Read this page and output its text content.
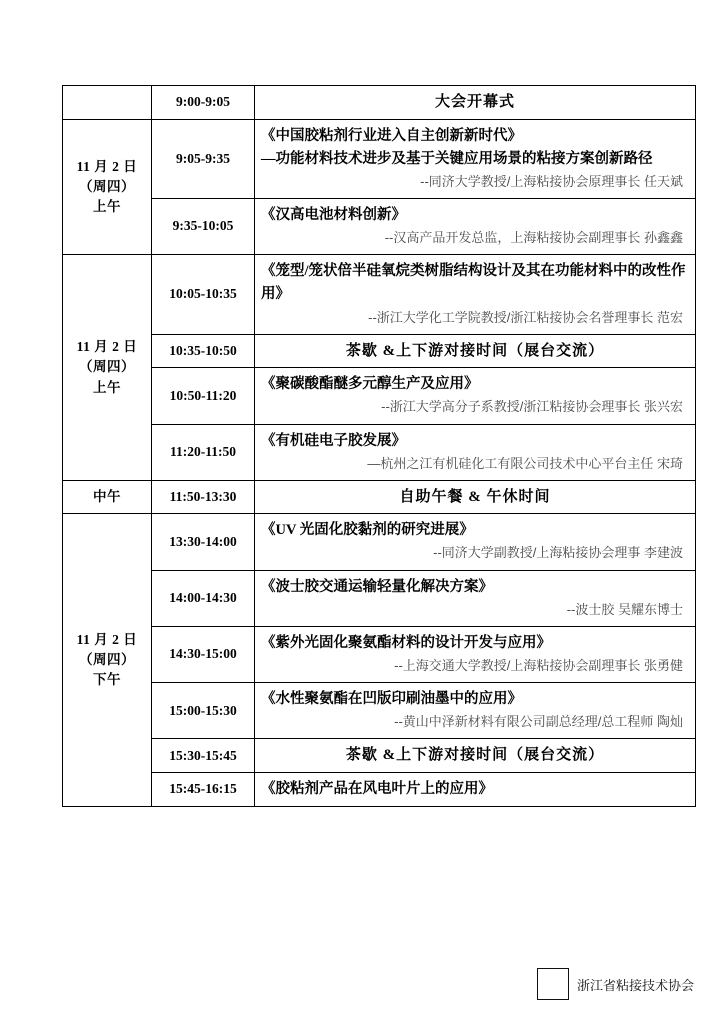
	9:00-9:05	大会开幕式

11 月 2 日
（周四）
上午	9:05-9:35	《中国胶粘剂行业进入自主创新新时代》
—功能材料技术进步及基于关键应用场景的粘接方案创新路径
--同济大学教授/上海粘接协会原理事长 任天斌

	9:35-10:05	《汉高电池材料创新》
--汉高产品开发总监，上海粘接协会副理事长 孙鑫鑫

11 月 2 日
（周四）
上午	10:05-10:35	《笼型/笼状倍半硅氧烷类树脂结构设计及其在功能材料中的改性作用》
--浙江大学化工学院教授/浙江粘接协会名誉理事长 范宏

	10:35-10:50	茶歇 &上下游对接时间（展台交流）

	10:50-11:20	《聚碳酸酯醚多元醇生产及应用》
--浙江大学高分子系教授/浙江粘接协会理事长 张兴宏

	11:20-11:50	《有机硅电子胶发展》
—杭州之江有机硅化工有限公司技术中心平台主任 宋琦

中午	11:50-13:30	自助午餐 & 午休时间

11 月 2 日
（周四）
下午	13:30-14:00	《UV 光固化胶黏剂的研究进展》
--同济大学副教授/上海粘接协会理事 李建波

	14:00-14:30	《波士胶交通运输轻量化解决方案》
--波士胶 吴耀东博士

	14:30-15:00	《紫外光固化聚氨酯材料的设计开发与应用》
--上海交通大学教授/上海粘接协会副理事长 张勇健

	15:00-15:30	《水性聚氨酯在凹版印刷油墨中的应用》
--黄山中泽新材料有限公司副总经理/总工程师 陶灿

	15:30-15:45	茶歇 &上下游对接时间（展台交流）

	15:45-16:15	《胶粘剂产品在风电叶片上的应用》
浙江省粘接技术协会
